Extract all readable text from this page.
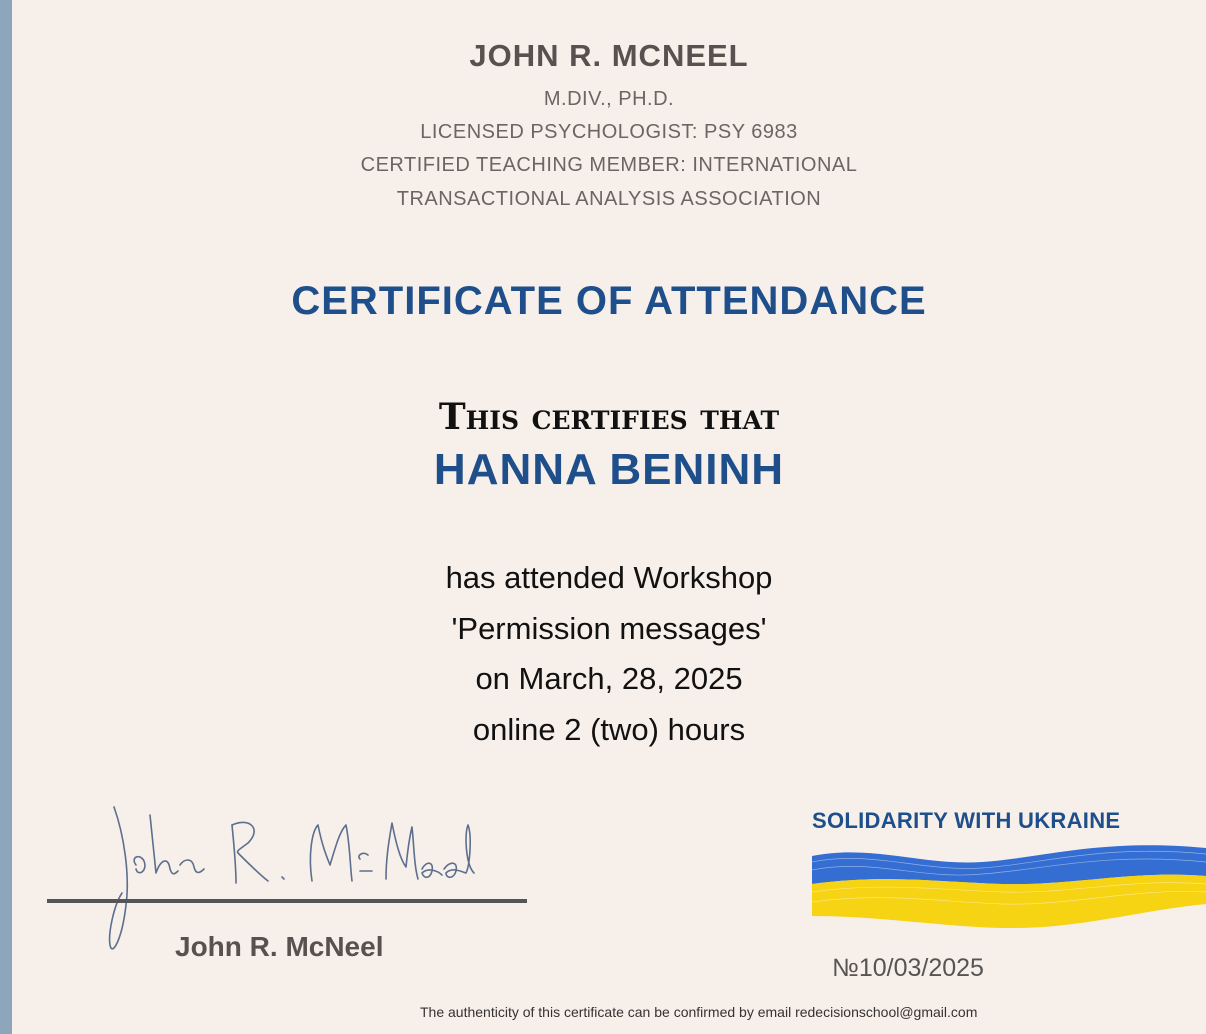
JOHN R. MCNEEL
M.DIV., PH.D.
LICENSED PSYCHOLOGIST: PSY 6983
CERTIFIED TEACHING MEMBER: INTERNATIONAL
TRANSACTIONAL ANALYSIS ASSOCIATION
CERTIFICATE OF ATTENDANCE
This certifies that
HANNA BENINH
has attended Workshop
'Permission messages'
on March, 28, 2025
online 2 (two) hours
John R. McNeel
SOLIDARITY WITH UKRAINE
№10/03/2025
The authenticity of this certificate can be confirmed by email redecisionschool@gmail.com
